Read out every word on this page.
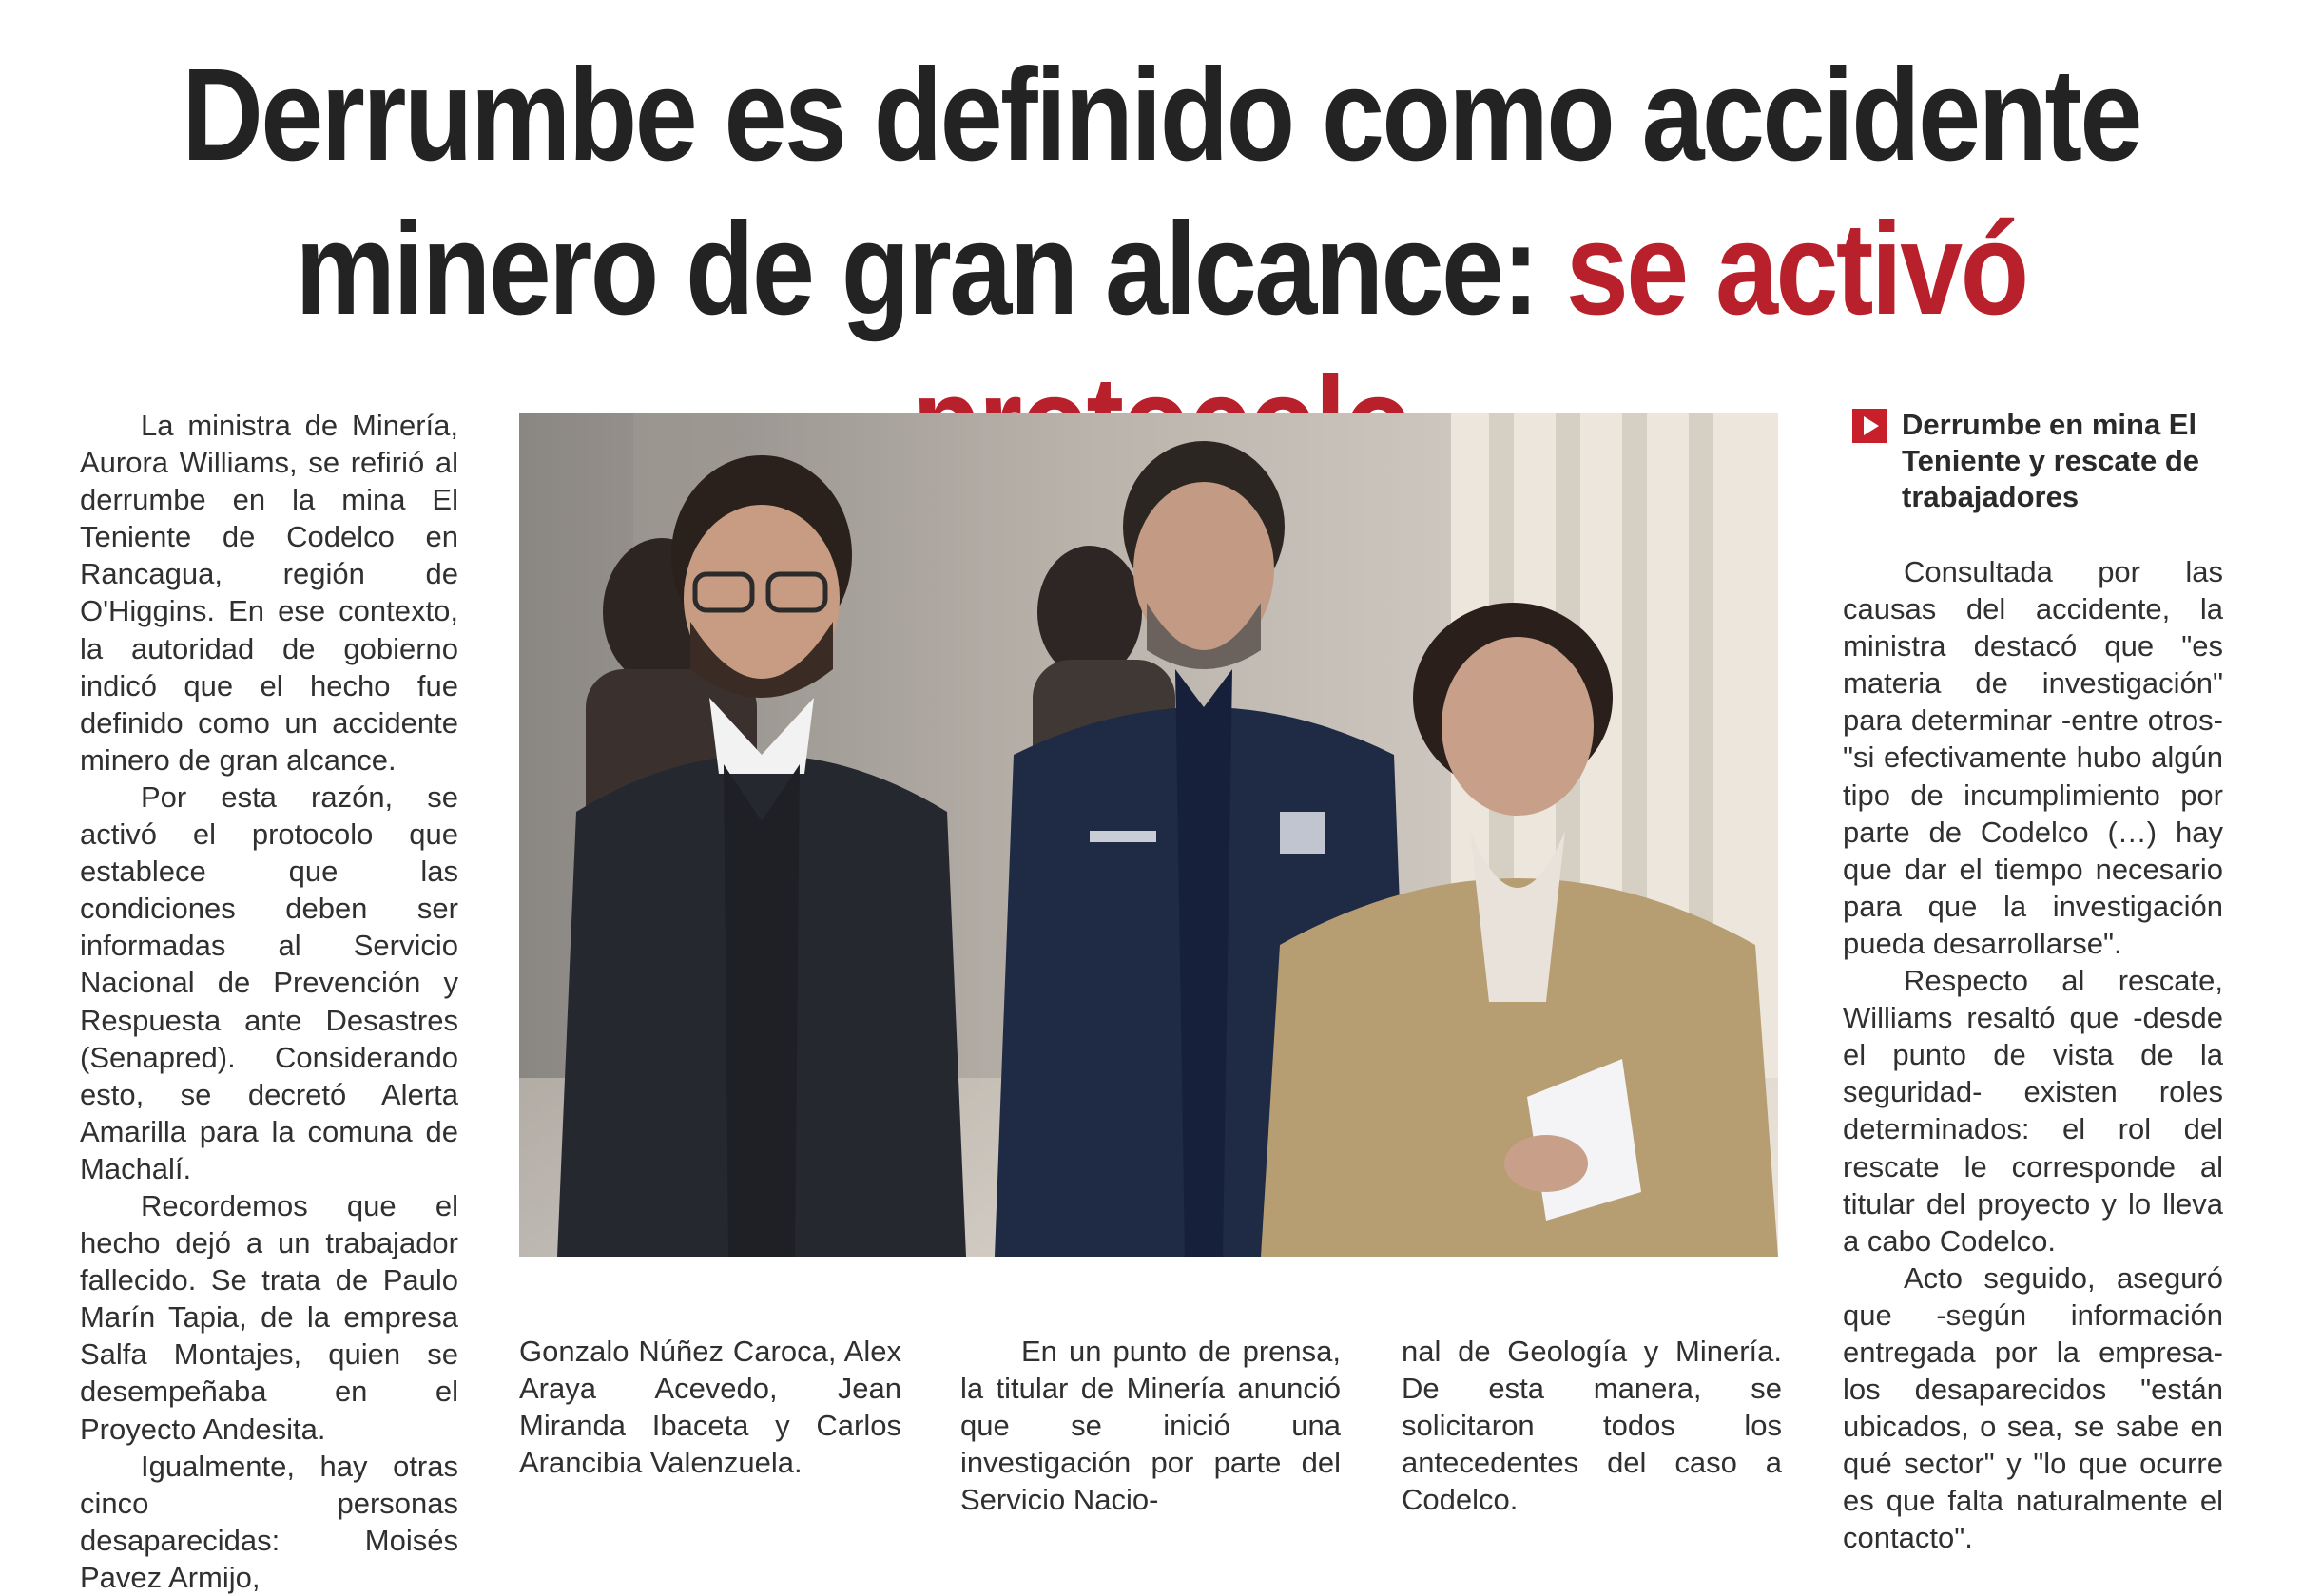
Derrumbe es definido como accidente
minero de gran alcance: se activó

La ministra de Minería, Aurora Williams, se refirió al derrumbe en la mina El Teniente de Codelco en Rancagua, región de O'Higgins. En ese contexto, la autoridad de gobierno indicó que el hecho fue definido como un accidente minero de gran alcance.

Por esta razón, se activó el protocolo que establece que las condiciones deben ser informadas al Servicio Nacional de Prevención y Respuesta ante Desastres (Senapred). Considerando esto, se decretó Alerta Amarilla para la comuna de Machalí.

Recordemos que el hecho dejó a un trabajador fallecido. Se trata de Paulo Marín Tapia, de la empresa Salfa Montajes, quien se desempeñaba en el Proyecto Andesita.

Igualmente, hay otras cinco personas desaparecidas: Moisés Pavez Armijo,

Gonzalo Núñez Caroca, Alex Araya Acevedo, Jean Miranda Ibaceta y Carlos Arancibia Valenzuela.

En un punto de prensa, la titular de Minería anunció que se inició una investigación por parte del Servicio Nacio-

nal de Geología y Minería. De esta manera, se solicitaron todos los antecedentes del caso a Codelco.

Derrumbe en mina El Teniente y rescate de trabajadores

Consultada por las causas del accidente, la ministra destacó que "es materia de investigación" para determinar -entre otros- "si efectivamente hubo algún tipo de incumplimiento por parte de Codelco (…) hay que dar el tiempo necesario para que la investigación pueda desarrollarse".

Respecto al rescate, Williams resaltó que -desde el punto de vista de la seguridad- existen roles determinados: el rol del rescate le corresponde al titular del proyecto y lo lleva a cabo Codelco.

Acto seguido, aseguró que -según información entregada por la empresa- los desaparecidos "están ubicados, o sea, se sabe en qué sector" y "lo que ocurre es que falta naturalmente el contacto".
